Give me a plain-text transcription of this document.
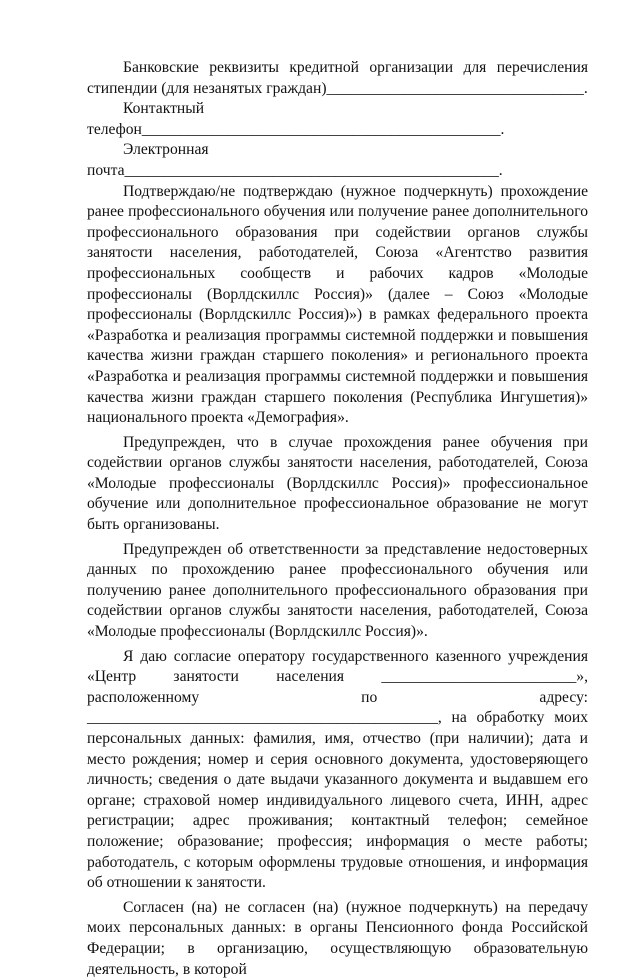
Банковские реквизиты кредитной организации для перечисления стипендии (для незанятых граждан)_________________________________.

Контактный телефон______________________________________________.

Электронная почта________________________________________________.

Подтверждаю/не подтверждаю (нужное подчеркнуть) прохождение ранее профессионального обучения или получение ранее дополнительного профессионального образования при содействии органов службы занятости населения, работодателей, Союза «Агентство развития профессиональных сообществ и рабочих кадров «Молодые профессионалы (Ворлдскиллс Россия)» (далее – Союз «Молодые профессионалы (Ворлдскиллс Россия)») в рамках федерального проекта «Разработка и реализация программы системной поддержки и повышения качества жизни граждан старшего поколения» и регионального проекта «Разработка и реализация программы системной поддержки и повышения качества жизни граждан старшего поколения (Республика Ингушетия)» национального проекта «Демография».

Предупрежден, что в случае прохождения ранее обучения при содействии органов службы занятости населения, работодателей, Союза «Молодые профессионалы (Ворлдскиллс Россия)» профессиональное обучение или дополнительное профессиональное образование не могут быть организованы.

Предупрежден об ответственности за представление недостоверных данных по прохождению ранее профессионального обучения или получению ранее дополнительного профессионального образования при содействии органов службы занятости населения, работодателей, Союза «Молодые профессионалы (Ворлдскиллс Россия)».

Я даю согласие оператору государственного казенного учреждения «Центр занятости населения _________________________», расположенному по адресу: _____________________________________________, на обработку моих персональных данных: фамилия, имя, отчество (при наличии); дата и место рождения; номер и серия основного документа, удостоверяющего личность; сведения о дате выдачи указанного документа и выдавшем его органе; страховой номер индивидуального лицевого счета, ИНН, адрес регистрации; адрес проживания; контактный телефон; семейное положение; образование; профессия; информация о месте работы; работодатель, с которым оформлены трудовые отношения, и информация об отношении к занятости.

Согласен (на) не согласен (на) (нужное подчеркнуть) на передачу моих персональных данных: в органы Пенсионного фонда Российской Федерации; в организацию, осуществляющую образовательную деятельность, в которой
